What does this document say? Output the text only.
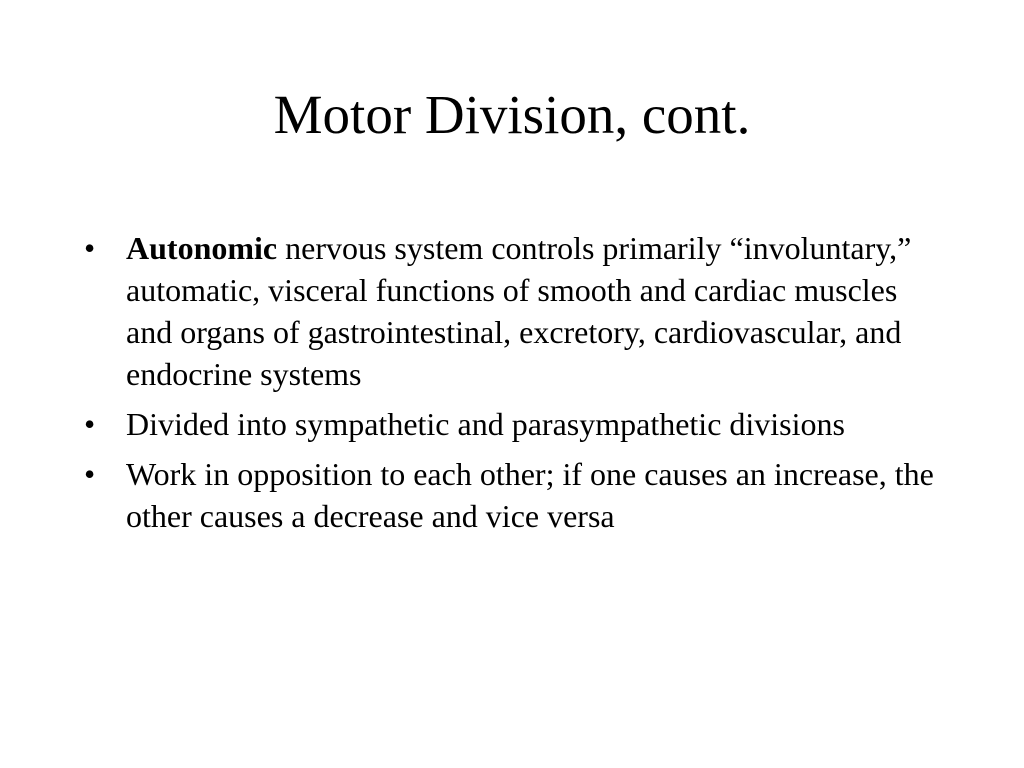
Motor Division, cont.
• Autonomic nervous system controls primarily “involuntary,” automatic, visceral functions of smooth and cardiac muscles and organs of gastrointestinal, excretory, cardiovascular, and endocrine systems
• Divided into sympathetic and parasympathetic divisions
• Work in opposition to each other; if one causes an increase, the other causes a decrease and vice versa
